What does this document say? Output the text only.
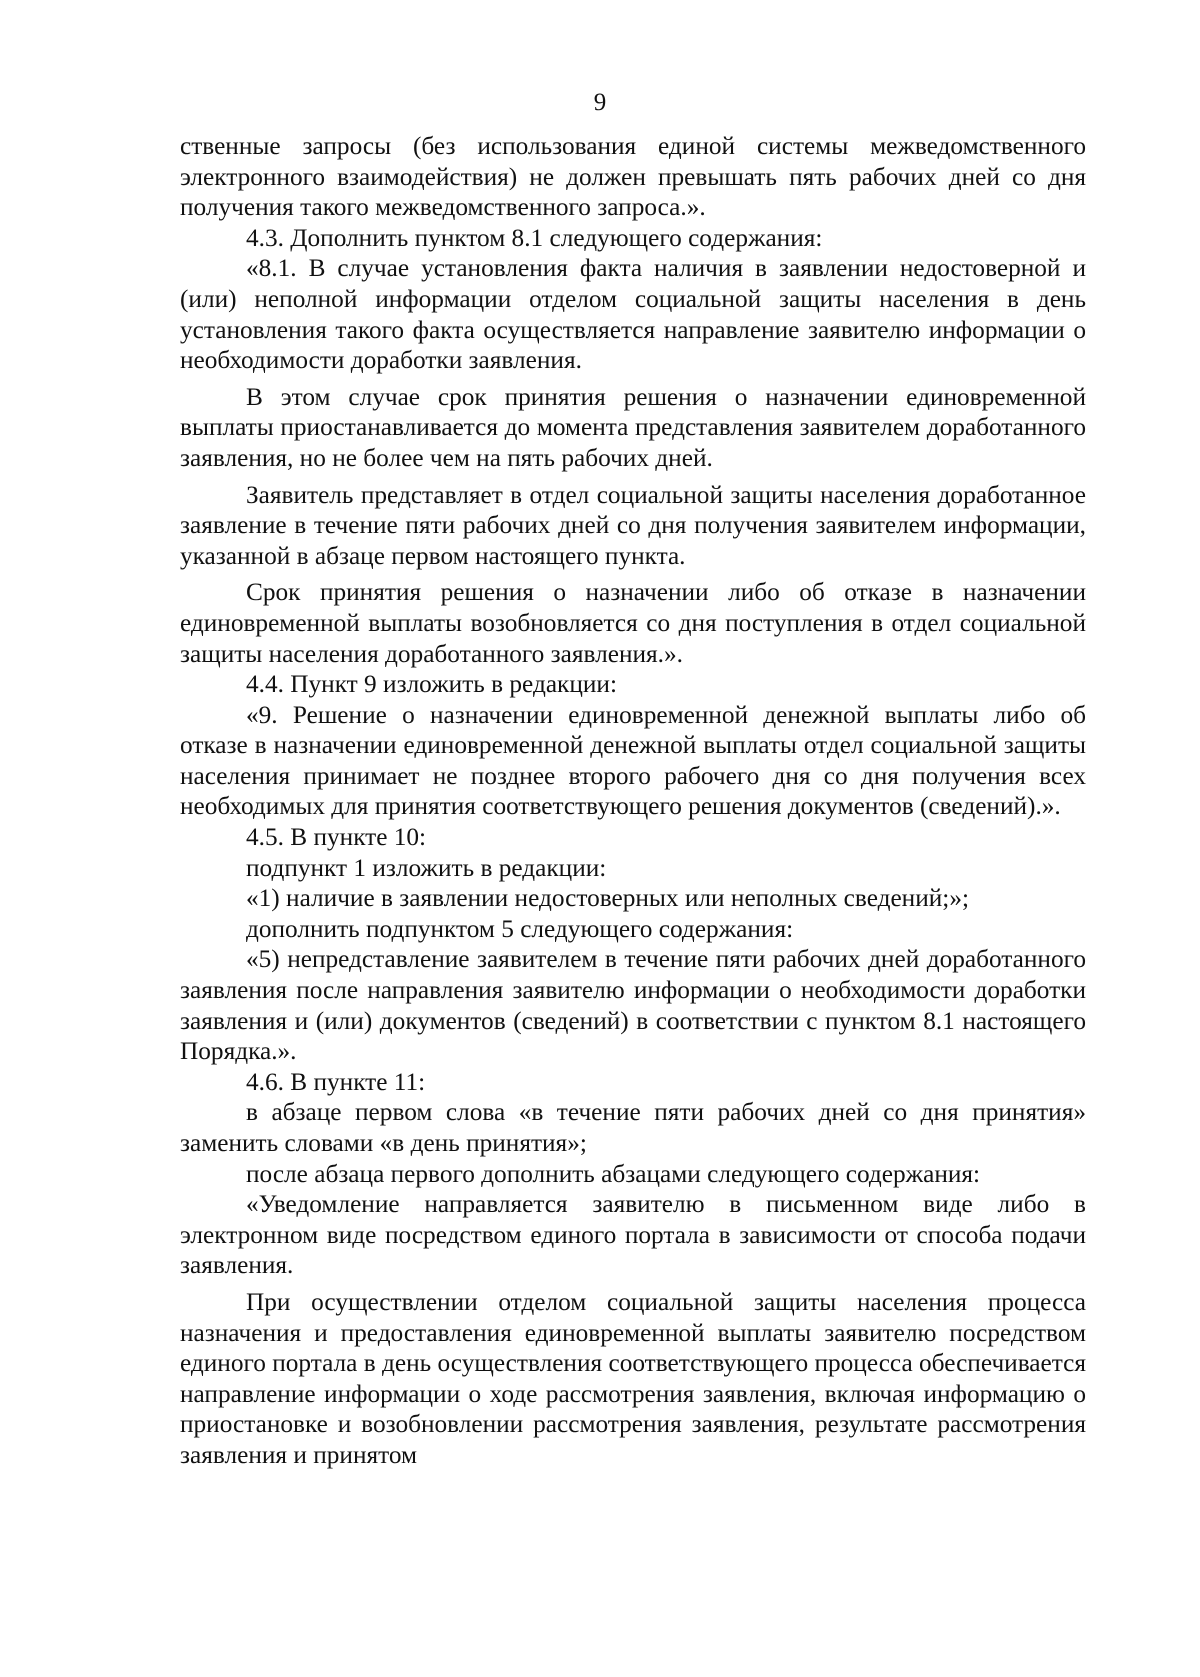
9

ственные запросы (без использования единой системы межведомственного электронного взаимодействия) не должен превышать пять рабочих дней со дня получения такого межведомственного запроса.».

4.3. Дополнить пунктом 8.1 следующего содержания:

«8.1. В случае установления факта наличия в заявлении недостоверной и (или) неполной информации отделом социальной защиты населения в день установления такого факта осуществляется направление заявителю информации о необходимости доработки заявления.

В этом случае срок принятия решения о назначении единовременной выплаты приостанавливается до момента представления заявителем доработанного заявления, но не более чем на пять рабочих дней.

Заявитель представляет в отдел социальной защиты населения доработанное заявление в течение пяти рабочих дней со дня получения заявителем информации, указанной в абзаце первом настоящего пункта.

Срок принятия решения о назначении либо об отказе в назначении единовременной выплаты возобновляется со дня поступления в отдел социальной защиты населения доработанного заявления.».

4.4. Пункт 9 изложить в редакции:

«9. Решение о назначении единовременной денежной выплаты либо об отказе в назначении единовременной денежной выплаты отдел социальной защиты населения принимает не позднее второго рабочего дня со дня получения всех необходимых для принятия соответствующего решения документов (сведений).».

4.5. В пункте 10:

подпункт 1 изложить в редакции:

«1) наличие в заявлении недостоверных или неполных сведений;»;

дополнить подпунктом 5 следующего содержания:

«5) непредставление заявителем в течение пяти рабочих дней доработанного заявления после направления заявителю информации о необходимости доработки заявления и (или) документов (сведений) в соответствии с пунктом 8.1 настоящего Порядка.».

4.6. В пункте 11:

в абзаце первом слова «в течение пяти рабочих дней со дня принятия» заменить словами «в день принятия»;

после абзаца первого дополнить абзацами следующего содержания:

«Уведомление направляется заявителю в письменном виде либо в электронном виде посредством единого портала в зависимости от способа подачи заявления.

При осуществлении отделом социальной защиты населения процесса назначения и предоставления единовременной выплаты заявителю посредством единого портала в день осуществления соответствующего процесса обеспечивается направление информации о ходе рассмотрения заявления, включая информацию о приостановке и возобновлении рассмотрения заявления, результате рассмотрения заявления и принятом
